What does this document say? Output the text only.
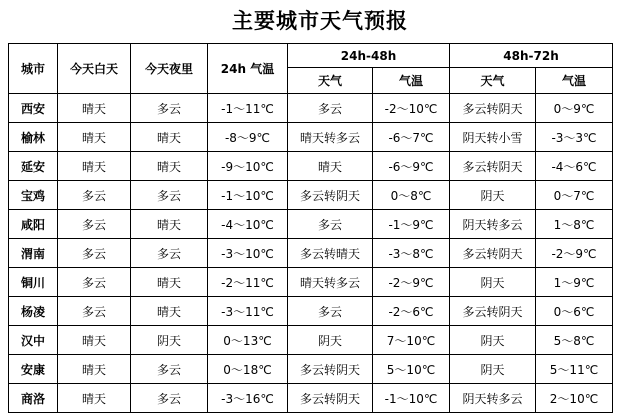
主要城市天气预报
城市	今天白天	今天夜里	24h 气温	24h-48h		48h-72h	
				天气	气温	天气	气温
西安	晴天	多云	-1～11℃	多云	-2～10℃	多云转阴天	0～9℃
榆林	晴天	晴天	-8～9℃	晴天转多云	-6～7℃	阴天转小雪	-3～3℃
延安	晴天	晴天	-9～10℃	晴天	-6～9℃	多云转阴天	-4～6℃
宝鸡	多云	多云	-1～10℃	多云转阴天	0～8℃	阴天	0～7℃
咸阳	多云	晴天	-4～10℃	多云	-1～9℃	阴天转多云	1～8℃
渭南	多云	多云	-3～10℃	多云转晴天	-3～8℃	多云转阴天	-2～9℃
铜川	多云	晴天	-2～11℃	晴天转多云	-2～9℃	阴天	1～9℃
杨凌	多云	晴天	-3～11℃	多云	-2～6℃	多云转阴天	0～6℃
汉中	晴天	阴天	0～13℃	阴天	7～10℃	阴天	5～8℃
安康	晴天	多云	0～18℃	多云转阴天	5～10℃	阴天	5～11℃
商洛	晴天	多云	-3～16℃	多云转阴天	-1～10℃	阴天转多云	2～10℃
